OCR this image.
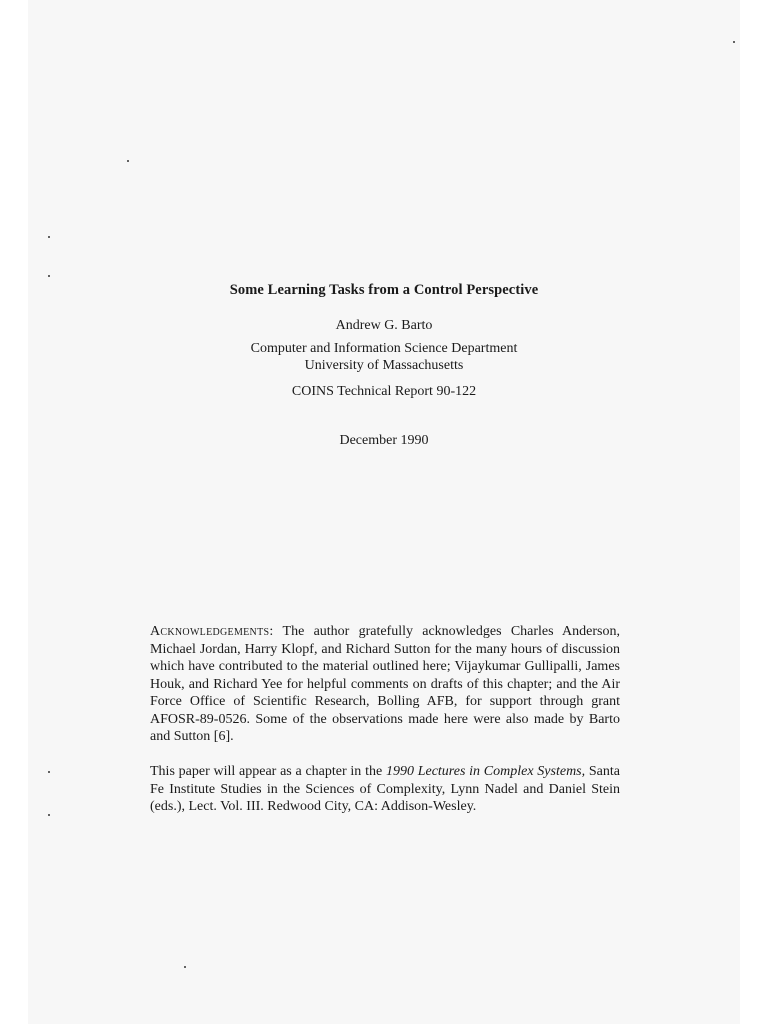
Some Learning Tasks from a Control Perspective
Andrew G. Barto
Computer and Information Science Department
University of Massachusetts
COINS Technical Report 90-122
December 1990

Acknowledgements: The author gratefully acknowledges Charles Anderson, Michael Jordan, Harry Klopf, and Richard Sutton for the many hours of discussion which have contributed to the material outlined here; Vijaykumar Gullipalli, James Houk, and Richard Yee for helpful comments on drafts of this chapter; and the Air Force Office of Scientific Research, Bolling AFB, for support through grant AFOSR-89-0526. Some of the observations made here were also made by Barto and Sutton [6].

This paper will appear as a chapter in the 1990 Lectures in Complex Systems, Santa Fe Institute Studies in the Sciences of Complexity, Lynn Nadel and Daniel Stein (eds.), Lect. Vol. III. Redwood City, CA: Addison-Wesley.
